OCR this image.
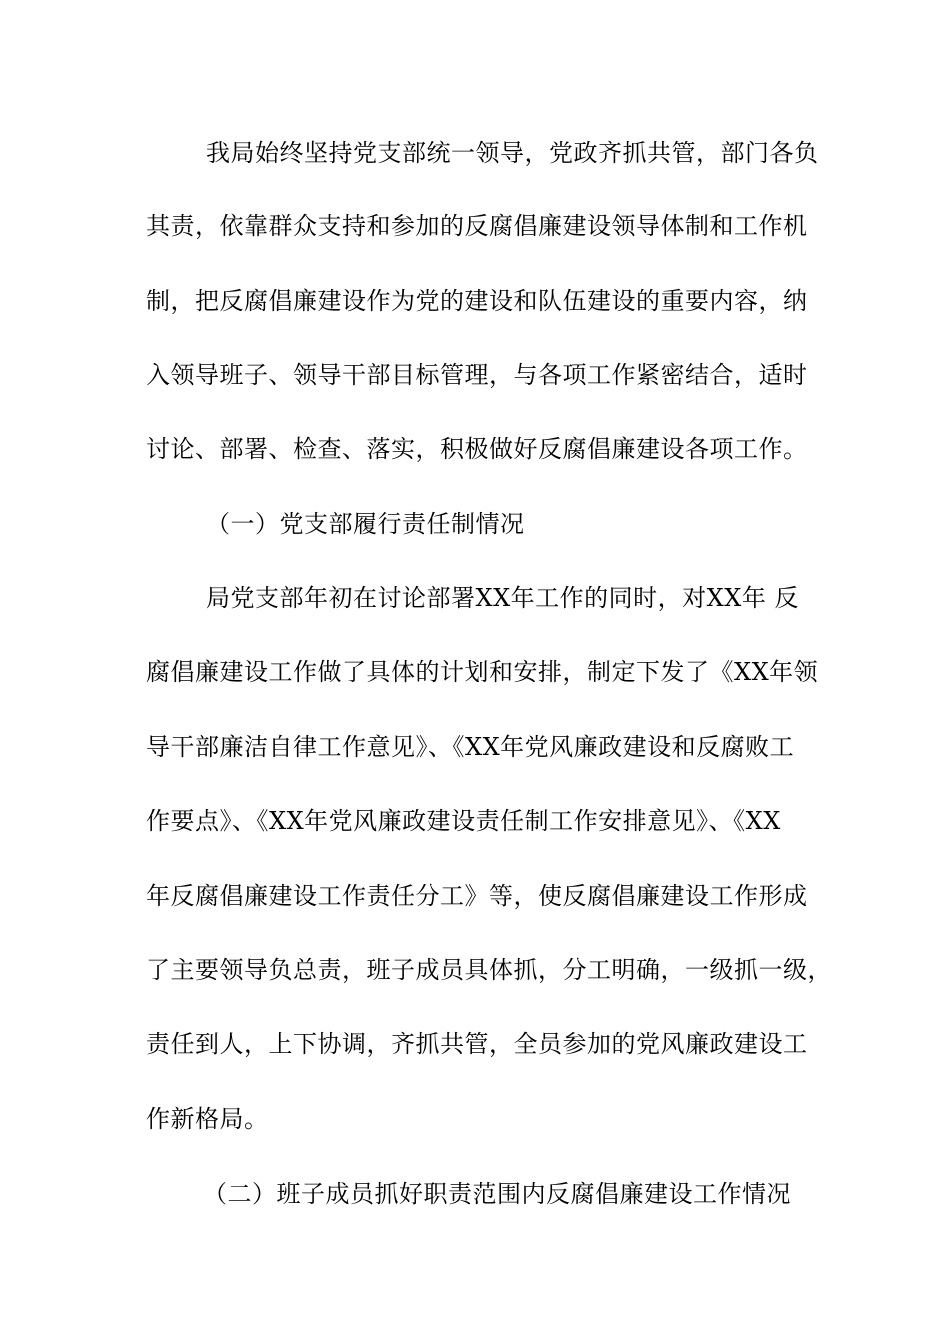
我局始终坚持党支部统一领导，党政齐抓共管，部门各负
其责，依靠群众支持和参加的反腐倡廉建设领导体制和工作机
制，把反腐倡廉建设作为党的建设和队伍建设的重要内容，纳
入领导班子、领导干部目标管理，与各项工作紧密结合，适时
讨论、部署、检查、落实，积极做好反腐倡廉建设各项工作。
（一）党支部履行责任制情况
局党支部年初在讨论部署XX年工作的同时，对XX年 反
腐倡廉建设工作做了具体的计划和安排，制定下发了《XX年领
导干部廉洁自律工作意见》、《XX年党风廉政建设和反腐败工
作要点》、《XX年党风廉政建设责任制工作安排意见》、《XX
年反腐倡廉建设工作责任分工》等，使反腐倡廉建设工作形成
了主要领导负总责，班子成员具体抓，分工明确，一级抓一级，
责任到人，上下协调，齐抓共管，全员参加的党风廉政建设工
作新格局。
（二）班子成员抓好职责范围内反腐倡廉建设工作情况
